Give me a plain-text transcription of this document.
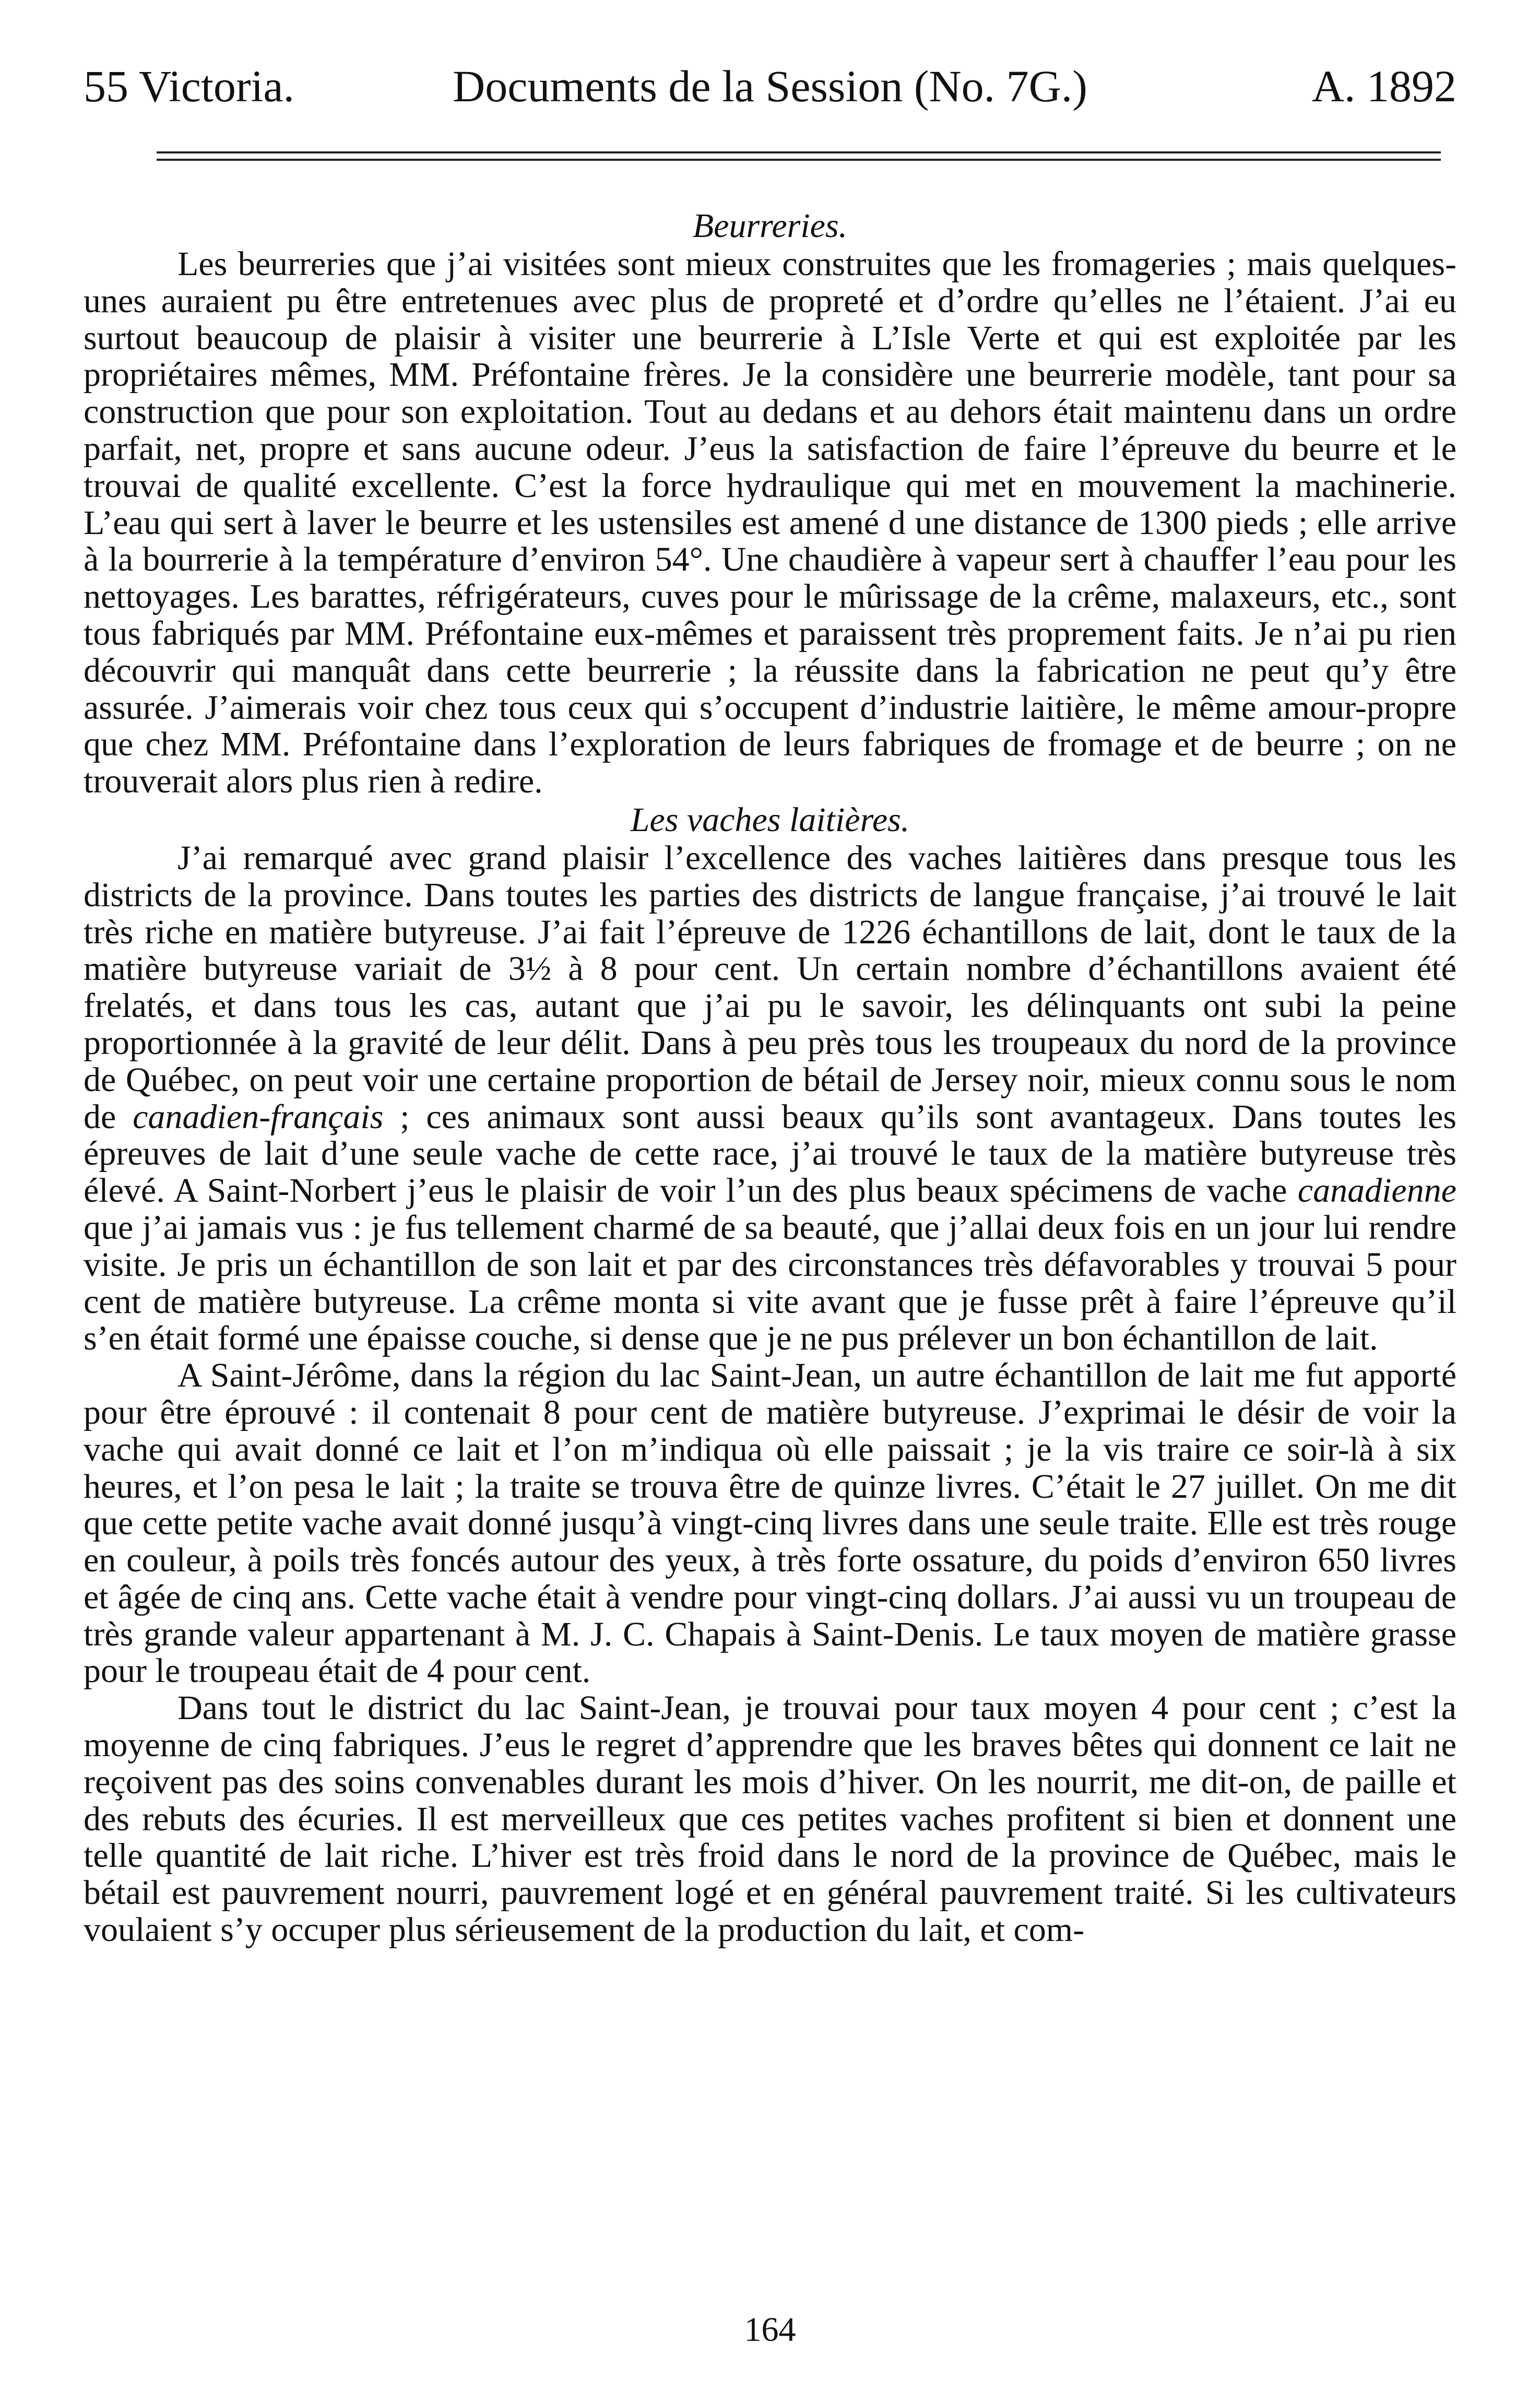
55 Victoria.	Documents de la Session (No. 7G.)	A. 1892
Beurreries.

Les beurreries que j’ai visitées sont mieux construites que les fromageries ; mais quelques-unes auraient pu être entretenues avec plus de propreté et d’ordre qu’elles ne l’étaient. J’ai eu surtout beaucoup de plaisir à visiter une beurrerie à L’Isle Verte et qui est exploitée par les propriétaires mêmes, MM. Préfontaine frères. Je la considère une beurrerie modèle, tant pour sa construction que pour son exploitation. Tout au dedans et au dehors était maintenu dans un ordre parfait, net, propre et sans aucune odeur. J’eus la satisfaction de faire l’épreuve du beurre et le trouvai de qualité excellente. C’est la force hydraulique qui met en mouvement la machinerie. L’eau qui sert à laver le beurre et les ustensiles est amené d une distance de 1300 pieds ; elle arrive à la bourrerie à la température d’environ 54°. Une chaudière à vapeur sert à chauffer l’eau pour les nettoyages. Les barattes, réfrigérateurs, cuves pour le mûrissage de la crême, malaxeurs, etc., sont tous fabriqués par MM. Préfontaine eux-mêmes et paraissent très proprement faits. Je n’ai pu rien découvrir qui manquât dans cette beurrerie ; la réussite dans la fabrication ne peut qu’y être assurée. J’aimerais voir chez tous ceux qui s’occupent d’industrie laitière, le même amour-propre que chez MM. Préfontaine dans l’exploration de leurs fabriques de fromage et de beurre ; on ne trouverait alors plus rien à redire.

Les vaches laitières.

J’ai remarqué avec grand plaisir l’excellence des vaches laitières dans presque tous les districts de la province. Dans toutes les parties des districts de langue française, j’ai trouvé le lait très riche en matière butyreuse. J’ai fait l’épreuve de 1226 échantillons de lait, dont le taux de la matière butyreuse variait de 3½ à 8 pour cent. Un certain nombre d’échantillons avaient été frelatés, et dans tous les cas, autant que j’ai pu le savoir, les délinquants ont subi la peine proportionnée à la gravité de leur délit. Dans à peu près tous les troupeaux du nord de la province de Québec, on peut voir une certaine proportion de bétail de Jersey noir, mieux connu sous le nom de canadien-français ; ces animaux sont aussi beaux qu’ils sont avantageux. Dans toutes les épreuves de lait d’une seule vache de cette race, j’ai trouvé le taux de la matière butyreuse très élevé. A Saint-Norbert j’eus le plaisir de voir l’un des plus beaux spécimens de vache canadienne que j’ai jamais vus : je fus tellement charmé de sa beauté, que j’allai deux fois en un jour lui rendre visite. Je pris un échantillon de son lait et par des circonstances très défavorables y trouvai 5 pour cent de matière butyreuse. La crême monta si vite avant que je fusse prêt à faire l’épreuve qu’il s’en était formé une épaisse couche, si dense que je ne pus prélever un bon échantillon de lait.

A Saint-Jérôme, dans la région du lac Saint-Jean, un autre échantillon de lait me fut apporté pour être éprouvé : il contenait 8 pour cent de matière butyreuse. J’exprimai le désir de voir la vache qui avait donné ce lait et l’on m’indiqua où elle paissait ; je la vis traire ce soir-là à six heures, et l’on pesa le lait ; la traite se trouva être de quinze livres. C’était le 27 juillet. On me dit que cette petite vache avait donné jusqu’à vingt-cinq livres dans une seule traite. Elle est très rouge en couleur, à poils très foncés autour des yeux, à très forte ossature, du poids d’environ 650 livres et âgée de cinq ans. Cette vache était à vendre pour vingt-cinq dollars. J’ai aussi vu un troupeau de très grande valeur appartenant à M. J. C. Chapais à Saint-Denis. Le taux moyen de matière grasse pour le troupeau était de 4 pour cent.

Dans tout le district du lac Saint-Jean, je trouvai pour taux moyen 4 pour cent ; c’est la moyenne de cinq fabriques. J’eus le regret d’apprendre que les braves bêtes qui donnent ce lait ne reçoivent pas des soins convenables durant les mois d’hiver. On les nourrit, me dit-on, de paille et des rebuts des écuries. Il est merveilleux que ces petites vaches profitent si bien et donnent une telle quantité de lait riche. L’hiver est très froid dans le nord de la province de Québec, mais le bétail est pauvrement nourri, pauvrement logé et en général pauvrement traité. Si les cultivateurs voulaient s’y occuper plus sérieusement de la production du lait, et com-

164
